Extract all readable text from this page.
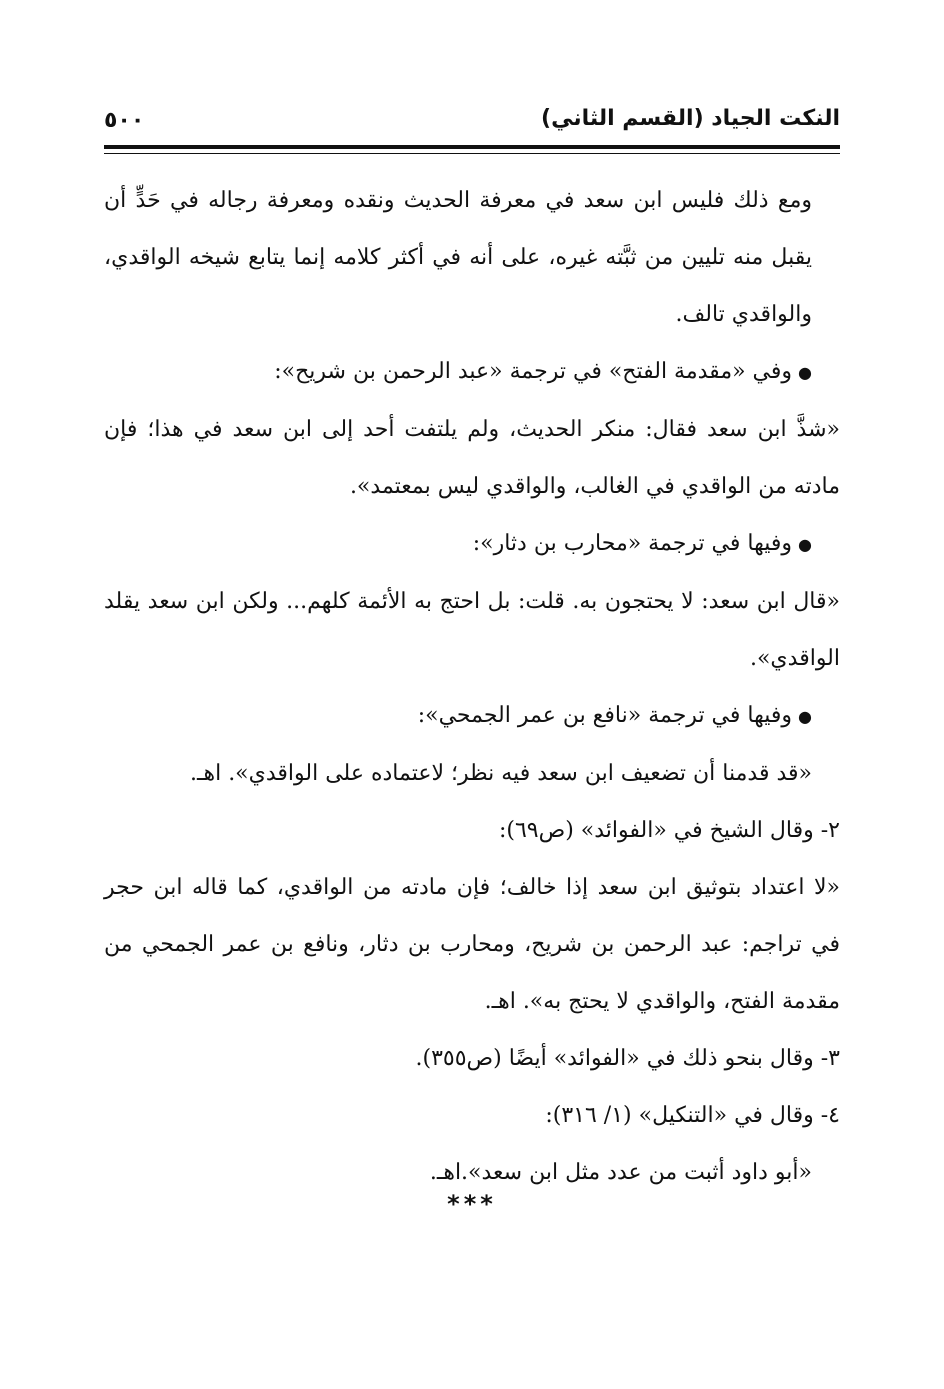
النكت الجياد (القسم الثاني)
٥٠٠

ومع ذلك فليس ابن سعد في معرفة الحديث ونقده ومعرفة رجاله في حَدٍّ أن يقبل منه تليين من ثبَّته غيره، على أنه في أكثر كلامه إنما يتابع شيخه الواقدي، والواقدي تالف.

●وفي «مقدمة الفتح» في ترجمة «عبد الرحمن بن شريح»:

«شذَّ ابن سعد فقال: منكر الحديث، ولم يلتفت أحد إلى ابن سعد في هذا؛ فإن مادته من الواقدي في الغالب، والواقدي ليس بمعتمد».

●وفيها في ترجمة «محارب بن دثار»:

«قال ابن سعد: لا يحتجون به. قلت: بل احتج به الأئمة كلهم... ولكن ابن سعد يقلد الواقدي».

●وفيها في ترجمة «نافع بن عمر الجمحي»:

«قد قدمنا أن تضعيف ابن سعد فيه نظر؛ لاعتماده على الواقدي». اهـ.

٢- وقال الشيخ في «الفوائد» (ص٦٩):

«لا اعتداد بتوثيق ابن سعد إذا خالف؛ فإن مادته من الواقدي، كما قاله ابن حجر في تراجم: عبد الرحمن بن شريح، ومحارب بن دثار، ونافع بن عمر الجمحي من مقدمة الفتح، والواقدي لا يحتج به». اهـ.

٣- وقال بنحو ذلك في «الفوائد» أيضًا (ص٣٥٥).

٤- وقال في «التنكيل» (١/ ٣١٦):

«أبو داود أثبت من عدد مثل ابن سعد».اهـ.

***
